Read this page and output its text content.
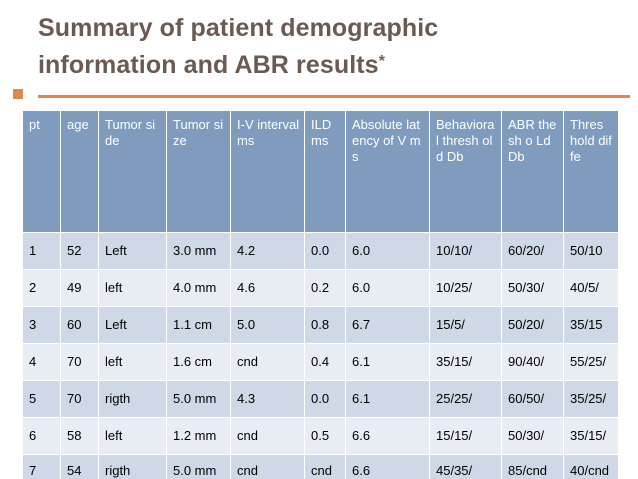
Summary of patient demographic
information and ABR results*
pt	age	Tumor side	Tumor size	I-V interval ms	ILD ms	Absolute latency of V ms	Behavioral thresh old Db	ABR thesh o Ld Db	Thres hold diffe
1	52	Left	3.0 mm	4.2	0.0	6.0	10/10/	60/20/	50/10
2	49	left	4.0 mm	4.6	0.2	6.0	10/25/	50/30/	40/5/
3	60	Left	1.1 cm	5.0	0.8	6.7	15/5/	50/20/	35/15
4	70	left	1.6 cm	cnd	0.4	6.1	35/15/	90/40/	55/25/
5	70	rigth	5.0 mm	4.3	0.0	6.1	25/25/	60/50/	35/25/
6	58	left	1.2 mm	cnd	0.5	6.6	15/15/	50/30/	35/15/
7	54	rigth	5.0 mm	cnd	cnd	6.6	45/35/	85/cnd	40/cnd
